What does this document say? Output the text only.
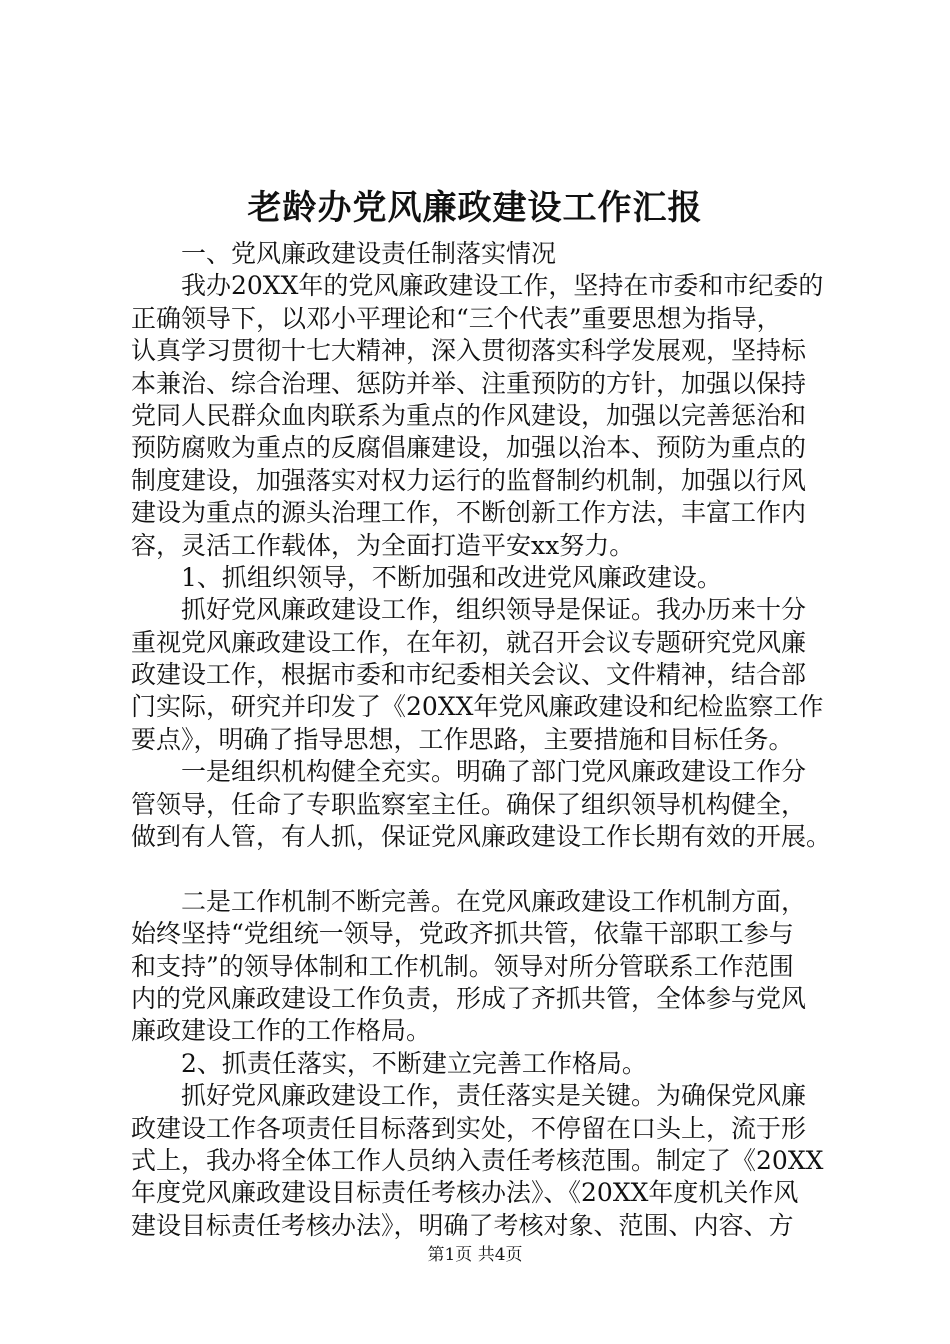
老龄办党风廉政建设工作汇报
一、党风廉政建设责任制落实情况
我办20XX年的党风廉政建设工作，坚持在市委和市纪委的
正确领导下，以邓小平理论和“三个代表”重要思想为指导，
认真学习贯彻十七大精神，深入贯彻落实科学发展观，坚持标
本兼治、综合治理、惩防并举、注重预防的方针，加强以保持
党同人民群众血肉联系为重点的作风建设，加强以完善惩治和
预防腐败为重点的反腐倡廉建设，加强以治本、预防为重点的
制度建设，加强落实对权力运行的监督制约机制，加强以行风
建设为重点的源头治理工作，不断创新工作方法，丰富工作内
容，灵活工作载体，为全面打造平安xx努力。
1、抓组织领导，不断加强和改进党风廉政建设。
抓好党风廉政建设工作，组织领导是保证。我办历来十分
重视党风廉政建设工作，在年初，就召开会议专题研究党风廉
政建设工作，根据市委和市纪委相关会议、文件精神，结合部
门实际，研究并印发了《20XX年党风廉政建设和纪检监察工作
要点》，明确了指导思想，工作思路，主要措施和目标任务。
一是组织机构健全充实。明确了部门党风廉政建设工作分
管领导，任命了专职监察室主任。确保了组织领导机构健全，
做到有人管，有人抓，保证党风廉政建设工作长期有效的开展。
二是工作机制不断完善。在党风廉政建设工作机制方面，
始终坚持“党组统一领导，党政齐抓共管，依靠干部职工参与
和支持”的领导体制和工作机制。领导对所分管联系工作范围
内的党风廉政建设工作负责，形成了齐抓共管，全体参与党风
廉政建设工作的工作格局。
2、抓责任落实，不断建立完善工作格局。
抓好党风廉政建设工作，责任落实是关键。为确保党风廉
政建设工作各项责任目标落到实处，不停留在口头上，流于形
式上，我办将全体工作人员纳入责任考核范围。制定了《20XX
年度党风廉政建设目标责任考核办法》、《20XX年度机关作风
建设目标责任考核办法》，明确了考核对象、范围、内容、方
第1页 共4页
